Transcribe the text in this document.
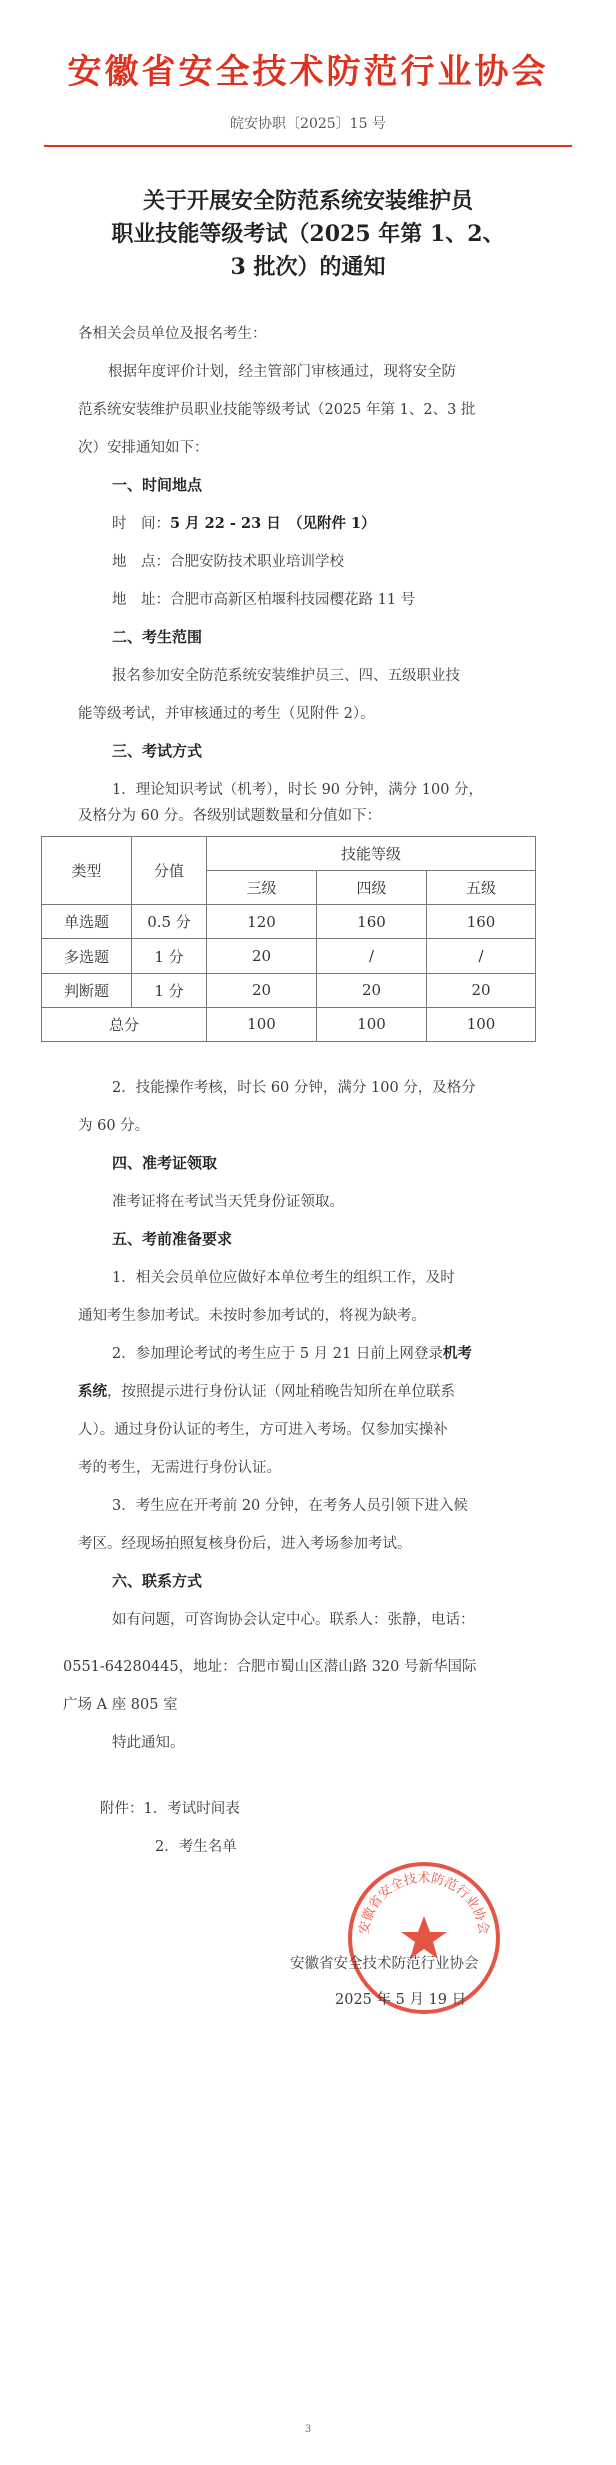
安徽省安全技术防范行业协会
皖安协职〔2025〕15 号
关于开展安全防范系统安装维护员
职业技能等级考试（2025 年第 1、2、
3 批次）的通知
各相关会员单位及报名考生：
根据年度评价计划，经主管部门审核通过，现将安全防
范系统安装维护员职业技能等级考试（2025 年第 1、2、3 批
次）安排通知如下：
一、时间地点
时　间：5 月 22 - 23 日　（见附件 1）
地　点：合肥安防技术职业培训学校
地　址：合肥市高新区柏堰科技园樱花路 11 号
二、考生范围
报名参加安全防范系统安装维护员三、四、五级职业技
能等级考试，并审核通过的考生（见附件 2）。
三、考试方式
1．理论知识考试（机考），时长 90 分钟，满分 100 分，
类型	分值	技能等级		
		三级	四级	五级
单选题	0.5 分	120	160	160
多选题	1 分	20	/	/
判断题	1 分	20	20	20
总分		100	100	100
2．技能操作考核，时长 60 分钟，满分 100 分，及格分
为 60 分。
四、准考证领取
准考证将在考试当天凭身份证领取。
五、考前准备要求
1．相关会员单位应做好本单位考生的组织工作，及时
通知考生参加考试。未按时参加考试的，将视为缺考。
2．参加理论考试的考生应于 5 月 21 日前上网登录机考
系统，按照提示进行身份认证（网址稍晚告知所在单位联系
人）。通过身份认证的考生，方可进入考场。仅参加实操补
考的考生，无需进行身份认证。
3．考生应在开考前 20 分钟，在考务人员引领下进入候
考区。经现场拍照复核身份后，进入考场参加考试。
六、联系方式
如有问题，可咨询协会认定中心。联系人：张静，电话：
0551-64280445，地址：合肥市蜀山区潜山路 320 号新华国际
广场 A 座 805 室
特此通知。
附件：1．考试时间表
2．考生名单
安徽省安全技术防范行业协会
安徽省安全技术防范行业协会
2025 年 5 月 19 日
3
及格分为 60 分。各级别试题数量和分值如下：
